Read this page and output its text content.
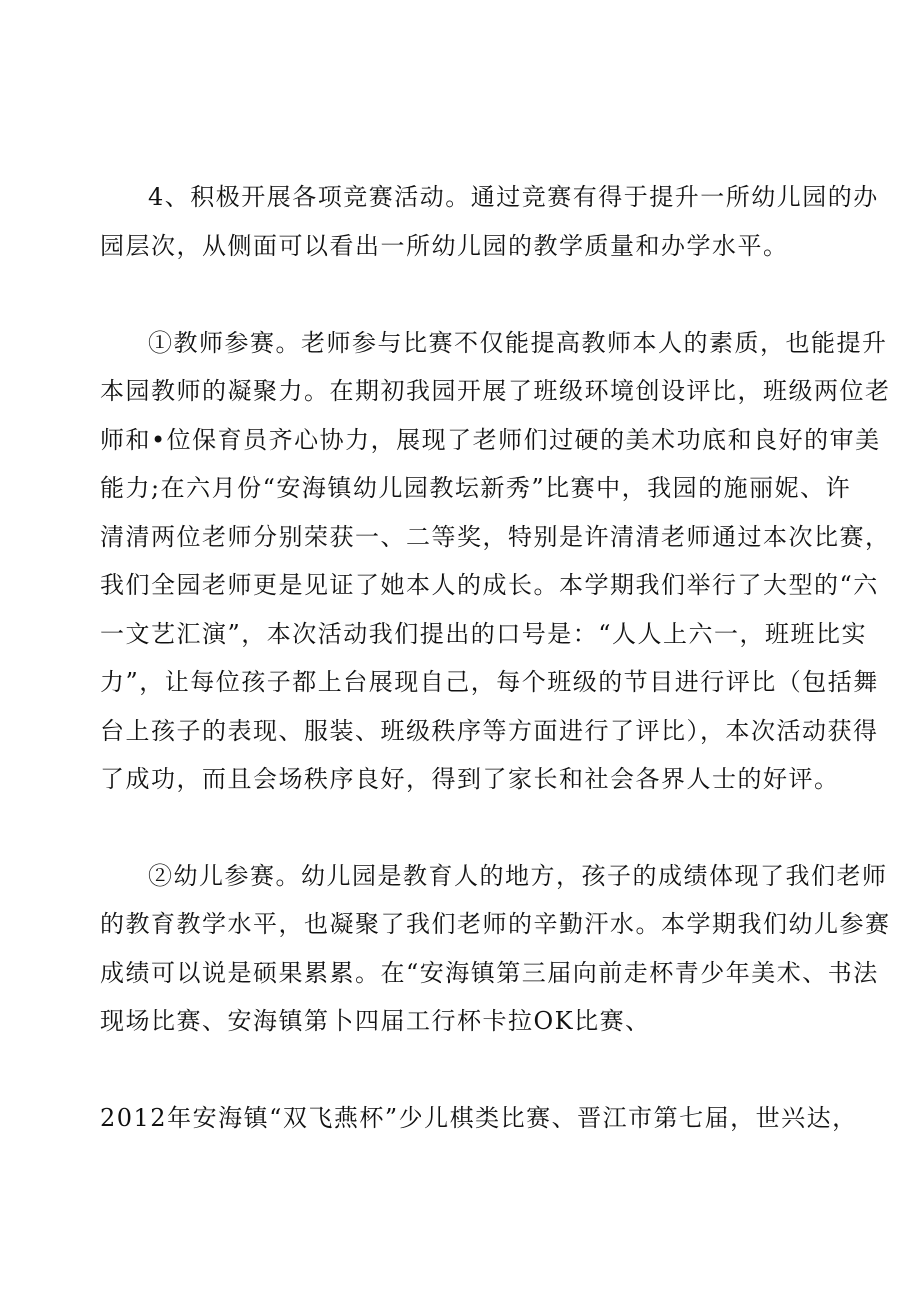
4、积极开展各项竞赛活动。通过竞赛有得于提升一所幼儿园的办

园层次，从侧面可以看出一所幼儿园的教学质量和办学水平。

①教师参赛。老师参与比赛不仅能提高教师本人的素质，也能提升

本园教师的凝聚力。在期初我园开展了班级环境创设评比，班级两位老

师和•位保育员齐心协力，展现了老师们过硬的美术功底和良好的审美

能力;在六月份“安海镇幼儿园教坛新秀”比赛中，我园的施丽妮、许

清清两位老师分别荣获一、二等奖，特别是许清清老师通过本次比赛，

我们全园老师更是见证了她本人的成长。本学期我们举行了大型的“六

一文艺汇演”，本次活动我们提出的口号是：“人人上六一，班班比实

力”，让每位孩子都上台展现自己，每个班级的节目进行评比（包括舞

台上孩子的表现、服装、班级秩序等方面进行了评比），本次活动获得

了成功，而且会场秩序良好，得到了家长和社会各界人士的好评。

②幼儿参赛。幼儿园是教育人的地方，孩子的成绩体现了我们老师

的教育教学水平，也凝聚了我们老师的辛勤汗水。本学期我们幼儿参赛

成绩可以说是硕果累累。在“安海镇第三届向前走杯青少年美术、书法

现场比赛、安海镇第卜四届工行杯卡拉OK比赛、

2012年安海镇“双飞燕杯”少儿棋类比赛、晋江市第七届，世兴达，
